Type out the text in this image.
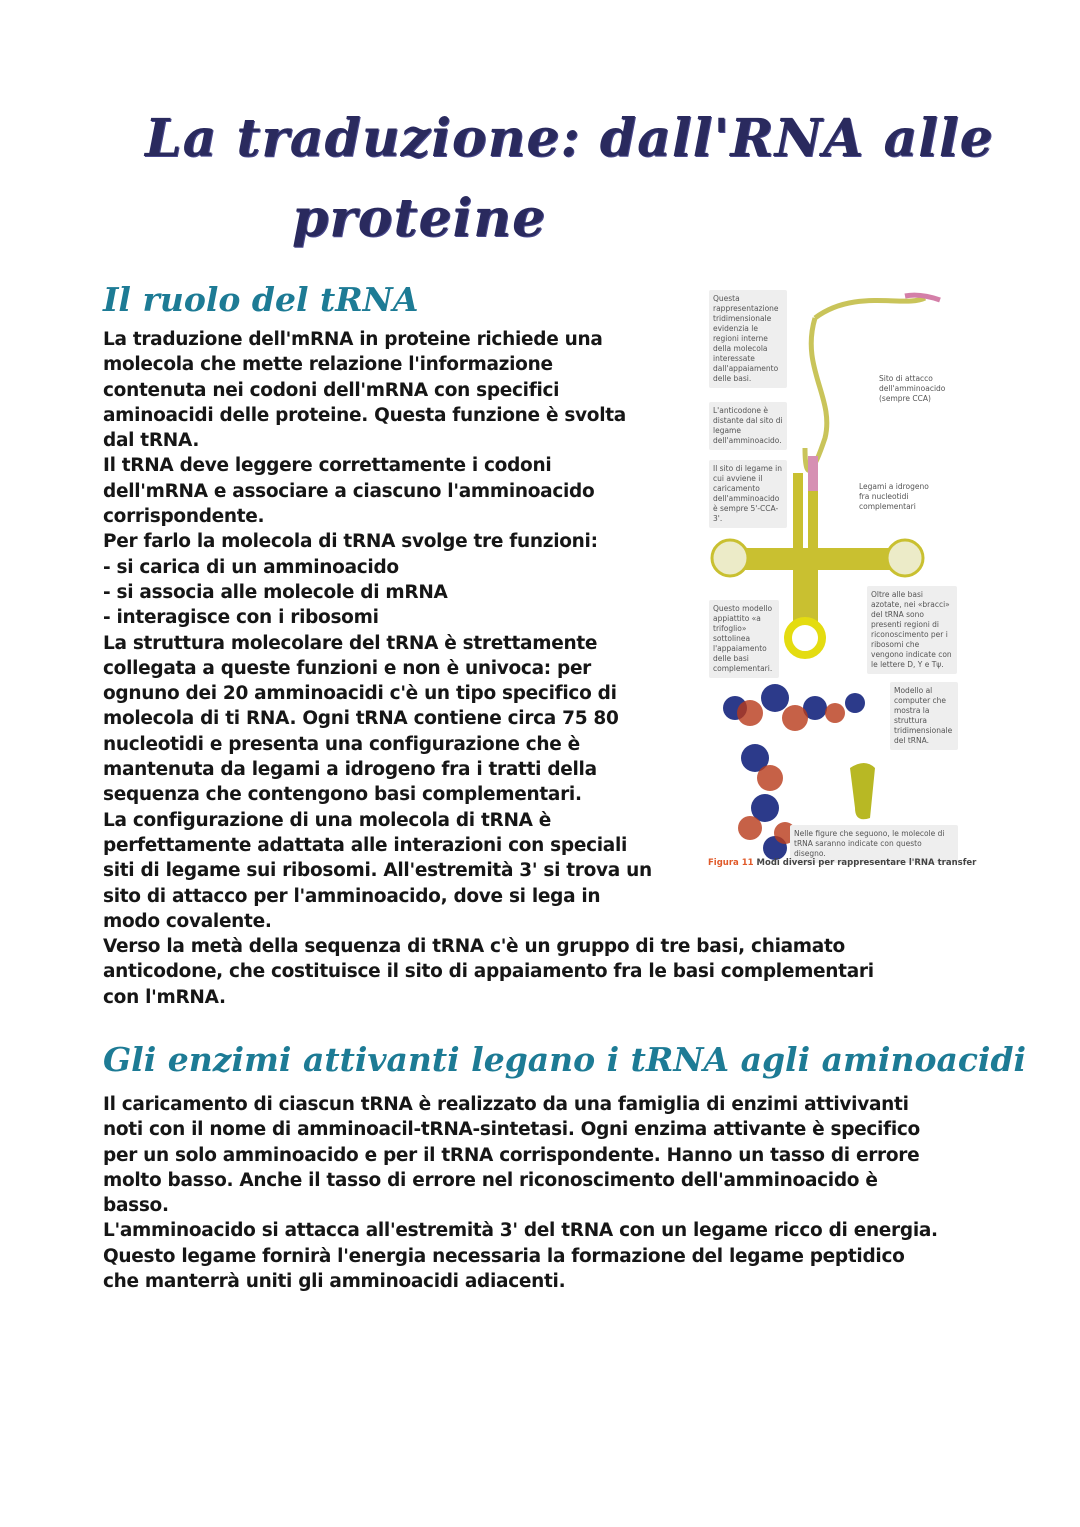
La traduzione: dall'RNA alle
proteine
Il ruolo del tRNA
La traduzione dell'mRNA in proteine richiede una
molecola che mette relazione l'informazione
contenuta nei codoni dell'mRNA con specifici
aminoacidi delle proteine. Questa funzione è svolta
dal tRNA.
Il tRNA deve leggere correttamente i codoni
dell'mRNA e associare a ciascuno l'amminoacido
corrispondente.
Per farlo la molecola di tRNA svolge tre funzioni:
- si carica di un amminoacido
- si associa alle molecole di mRNA
- interagisce con i ribosomi
La struttura molecolare del tRNA è strettamente
collegata a queste funzioni e non è univoca: per
ognuno dei 20 amminoacidi c'è un tipo specifico di
molecola di ti RNA. Ogni tRNA contiene circa 75 80
nucleotidi e presenta una configurazione che è
mantenuta da legami a idrogeno fra i tratti della
sequenza che contengono basi complementari.
La configurazione di una molecola di tRNA è
perfettamente adattata alle interazioni con speciali
siti di legame sui ribosomi. All'estremità 3' si trova un
sito di attacco per l'amminoacido, dove si lega in
modo covalente.
Verso la metà della sequenza di tRNA c'è un gruppo di tre basi, chiamato
anticodone, che costituisce il sito di appaiamento fra le basi complementari
con l'mRNA.
Questa rappresentazione tridimensionale evidenzia le regioni interne della molecola interessate dall'appaiamento delle basi.	Sito di attacco dell'amminoacido (sempre CCA)
L'anticodone è distante dal sito di legame dell'amminoacido.
Il sito di legame in cui avviene il caricamento dell'amminoacido è sempre 5'-CCA-3'.
Legami a idrogeno fra nucleotidi complementari
Questo modello appiattito «a trifoglio» sottolinea l'appaiamento delle basi complementari.
Oltre alle basi azotate, nei «bracci» del tRNA sono presenti regioni di riconoscimento per i ribosomi che vengono indicate con le lettere D, Y e Tψ.
Modello al computer che mostra la struttura tridimensionale del tRNA.
Nelle figure che seguono, le molecole di tRNA saranno indicate con questo disegno.
Figura 11 Modi diversi per rappresentare l'RNA transfer
Gli enzimi attivanti legano i tRNA agli aminoacidi
Il caricamento di ciascun tRNA è realizzato da una famiglia di enzimi attivivanti
noti con il nome di amminoacil-tRNA-sintetasi. Ogni enzima attivante è specifico
per un solo amminoacido e per il tRNA corrispondente. Hanno un tasso di errore
molto basso. Anche il tasso di errore nel riconoscimento dell'amminoacido è
basso.
L'amminoacido si attacca all'estremità 3' del tRNA con un legame ricco di energia.
Questo legame fornirà l'energia necessaria la formazione del legame peptidico
che manterrà uniti gli amminoacidi adiacenti.
